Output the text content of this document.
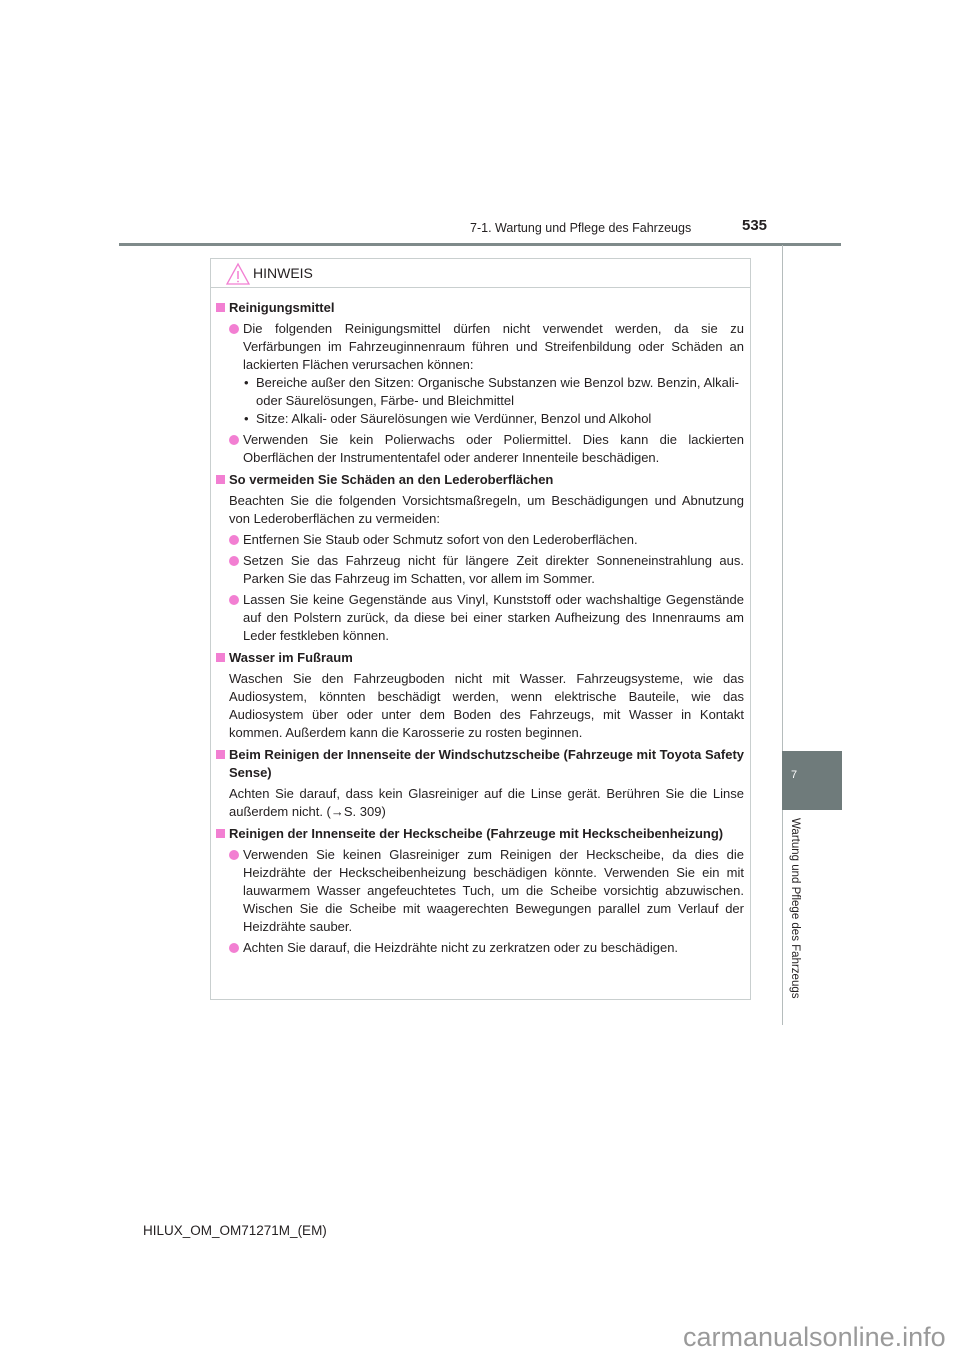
7-1. Wartung und Pflege des Fahrzeugs	535
7
Wartung und Pflege des Fahrzeugs
HINWEIS
Reinigungsmittel
Die folgenden Reinigungsmittel dürfen nicht verwendet werden, da sie zu Verfärbungen im Fahrzeuginnenraum führen und Streifenbildung oder Schäden an lackierten Flächen verursachen können:
• Bereiche außer den Sitzen: Organische Substanzen wie Benzol bzw. Benzin, Alkali- oder Säurelösungen, Färbe- und Bleichmittel
• Sitze: Alkali- oder Säurelösungen wie Verdünner, Benzol und Alkohol
Verwenden Sie kein Polierwachs oder Poliermittel. Dies kann die lackierten Oberflächen der Instrumententafel oder anderer Innenteile beschädigen.
So vermeiden Sie Schäden an den Lederoberflächen
Beachten Sie die folgenden Vorsichtsmaßregeln, um Beschädigungen und Abnutzung von Lederoberflächen zu vermeiden:
Entfernen Sie Staub oder Schmutz sofort von den Lederoberflächen.
Setzen Sie das Fahrzeug nicht für längere Zeit direkter Sonneneinstrahlung aus. Parken Sie das Fahrzeug im Schatten, vor allem im Sommer.
Lassen Sie keine Gegenstände aus Vinyl, Kunststoff oder wachshaltige Gegenstände auf den Polstern zurück, da diese bei einer starken Aufheizung des Innenraums am Leder festkleben können.
Wasser im Fußraum
Waschen Sie den Fahrzeugboden nicht mit Wasser. Fahrzeugsysteme, wie das Audiosystem, könnten beschädigt werden, wenn elektrische Bauteile, wie das Audiosystem über oder unter dem Boden des Fahrzeugs, mit Wasser in Kontakt kommen. Außerdem kann die Karosserie zu rosten beginnen.
Beim Reinigen der Innenseite der Windschutzscheibe (Fahrzeuge mit Toyota Safety Sense)
Achten Sie darauf, dass kein Glasreiniger auf die Linse gerät. Berühren Sie die Linse außerdem nicht. (→S. 309)
Reinigen der Innenseite der Heckscheibe (Fahrzeuge mit Heckscheibenheizung)
Verwenden Sie keinen Glasreiniger zum Reinigen der Heckscheibe, da dies die Heizdrähte der Heckscheibenheizung beschädigen könnte. Verwenden Sie ein mit lauwarmem Wasser angefeuchtetes Tuch, um die Scheibe vorsichtig abzuwischen. Wischen Sie die Scheibe mit waagerechten Bewegungen parallel zum Verlauf der Heizdrähte sauber.
Achten Sie darauf, die Heizdrähte nicht zu zerkratzen oder zu beschädigen.
HILUX_OM_OM71271M_(EM)
carmanualsonline.info
